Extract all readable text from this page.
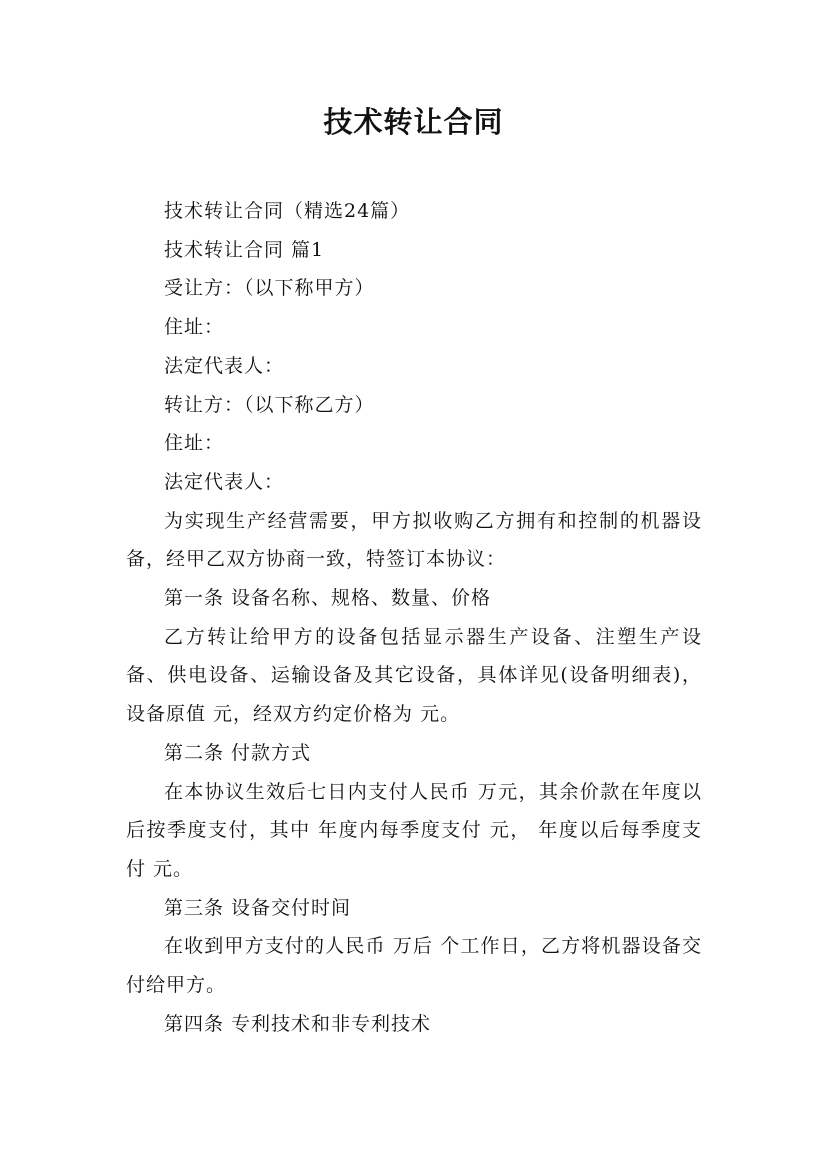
技术转让合同

技术转让合同（精选24篇）

技术转让合同 篇1

受让方：（以下称甲方）

住址：

法定代表人：

转让方：（以下称乙方）

住址：

法定代表人：

为实现生产经营需要，甲方拟收购乙方拥有和控制的机器设备，经甲乙双方协商一致，特签订本协议：

第一条 设备名称、规格、数量、价格

乙方转让给甲方的设备包括显示器生产设备、注塑生产设备、供电设备、运输设备及其它设备，具体详见(设备明细表)，设备原值 元，经双方约定价格为 元。

第二条 付款方式

在本协议生效后七日内支付人民币 万元，其余价款在年度以后按季度支付，其中 年度内每季度支付 元， 年度以后每季度支付 元。

第三条 设备交付时间

在收到甲方支付的人民币 万后 个工作日，乙方将机器设备交付给甲方。

第四条 专利技术和非专利技术
